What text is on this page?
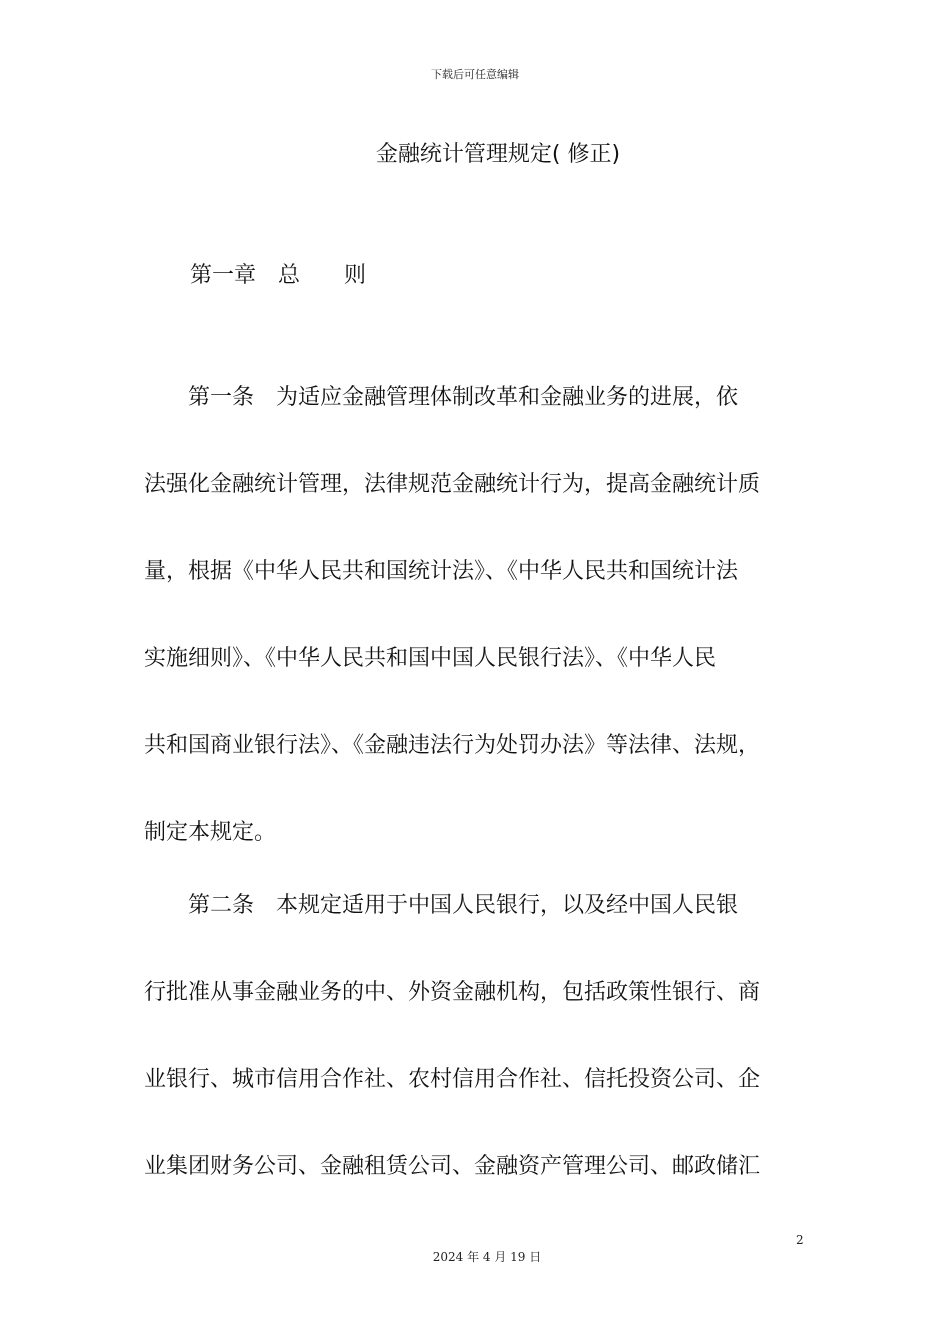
下载后可任意编辑
金融统计管理规定( 修正)
第一章　总　　则
　　第一条　为适应金融管理体制改革和金融业务的进展，依
法强化金融统计管理，法律规范金融统计行为，提高金融统计质
量，根据《中华人民共和国统计法》、《中华人民共和国统计法
实施细则》、《中华人民共和国中国人民银行法》、《中华人民
共和国商业银行法》、《金融违法行为处罚办法》等法律、法规，
制定本规定。
　　第二条　本规定适用于中国人民银行，以及经中国人民银
行批准从事金融业务的中、外资金融机构，包括政策性银行、商
业银行、城市信用合作社、农村信用合作社、信托投资公司、企
业集团财务公司、金融租赁公司、金融资产管理公司、邮政储汇
2
2024 年 4 月 19 日
